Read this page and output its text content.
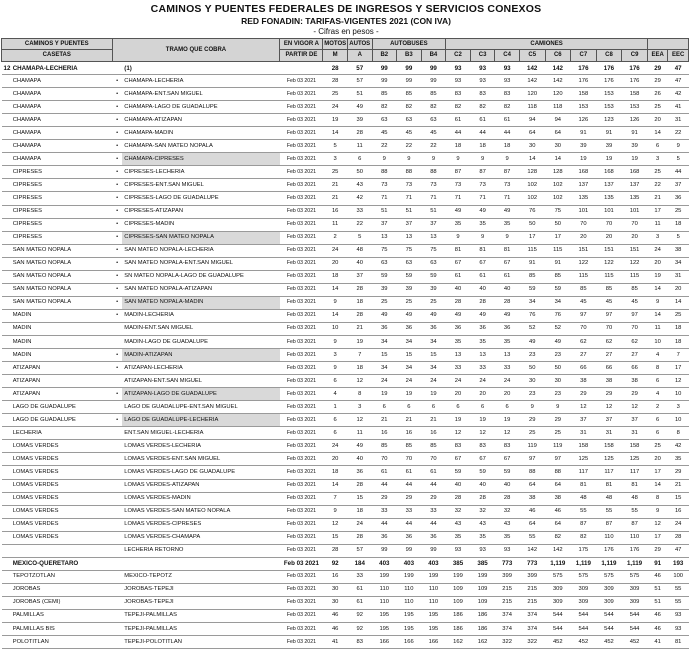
CAMINOS Y PUENTES FEDERALES DE INGRESOS Y SERVICIOS CONEXOS
RED FONADIN: TARIFAS-VIGENTES 2021 (CON IVA)
- Cifras en pesos -
CAMINOS Y PUENTES		TRAMO QUE COBRA		EN VIGOR A	MOTOS	AUTOS	AUTOBUSES			CAMIONES									
CASETAS				PARTIR DE	M	A	B2	B3	B4	C2	C3	C4	C5	C6	C7	C8	C9	EEA	EEC
12	CHAMAPA-LECHERIA		(1)		28	57	99	99	99	93	93	93	142	142	176	176	176	29	47
	CHAMAPA	•	CHAMAPA-LECHERIA	Feb 03 2021	28	57	99	99	99	93	93	93	142	142	176	176	176	29	47
	CHAMAPA	•	CHAMAPA-ENT.SAN MIGUEL	Feb 03 2021	25	51	85	85	85	83	83	83	120	120	158	153	158	26	42
	CHAMAPA	•	CHAMAPA-LAGO DE GUADALUPE	Feb 03 2021	24	49	82	82	82	82	82	82	118	118	153	153	153	25	41
	CHAMAPA	•	CHAMAPA-ATIZAPAN	Feb 03 2021	19	39	63	63	63	61	61	61	94	94	126	123	126	20	31
	CHAMAPA	•	CHAMAPA-MADIN	Feb 03 2021	14	28	45	45	45	44	44	44	64	64	91	91	91	14	22
	CHAMAPA	•	CHAMAPA-SAN MATEO NOPALA	Feb 03 2021	5	11	22	22	22	18	18	18	30	30	39	39	39	6	9
	CHAMAPA	•	CHAMAPA-CIPRESES	Feb 03 2021	3	6	9	9	9	9	9	9	14	14	19	19	19	3	5
	CIPRESES	•	CIPRESES-LECHERIA	Feb 03 2021	25	50	88	88	88	87	87	87	128	128	168	168	168	25	44
	CIPRESES	•	CIPRESES-ENT.SAN MIGUEL	Feb 03 2021	21	43	73	73	73	73	73	73	102	102	137	137	137	22	37
	CIPRESES	•	CIPRESES-LAGO DE GUADALUPE	Feb 03 2021	21	42	71	71	71	71	71	71	102	102	135	135	135	21	36
	CIPRESES	•	CIPRESES-ATIZAPAN	Feb 03 2021	16	33	51	51	51	49	49	49	76	75	101	101	101	17	25
	CIPRESES	•	CIPRESES-MADIN	Feb 03 2021	11	22	37	37	37	35	35	35	50	50	70	70	70	11	18
	CIPRESES	•	CIPRESES-SAN MATEO NOPALA	Feb 03 2021	2	5	13	13	13	9	9	9	17	17	20	20	20	3	5
	SAN MATEO NOPALA	•	SAN MATEO NOPALA-LECHERIA	Feb 03 2021	24	48	75	75	75	81	81	81	115	115	151	151	151	24	38
	SAN MATEO NOPALA	•	SAN MATEO NOPALA-ENT.SAN MIGUEL	Feb 03 2021	20	40	63	63	63	67	67	67	91	91	122	122	122	20	34
	SAN MATEO NOPALA	•	SN MATEO NOPALA-LAGO DE GUADALUPE	Feb 03 2021	18	37	59	59	59	61	61	61	85	85	115	115	115	19	31
	SAN MATEO NOPALA	•	SAN MATEO NOPALA-ATIZAPAN	Feb 03 2021	14	28	39	39	39	40	40	40	59	59	85	85	85	14	20
	SAN MATEO NOPALA	•	SAN MATEO NOPALA-MADIN	Feb 03 2021	9	18	25	25	25	28	28	28	34	34	45	45	45	9	14
	MADIN	•	MADIN-LECHERIA	Feb 03 2021	14	28	49	49	49	49	49	49	76	76	97	97	97	14	25
	MADIN		MADIN-ENT.SAN MIGUEL	Feb 03 2021	10	21	36	36	36	36	36	36	52	52	70	70	70	11	18
	MADIN		MADIN-LAGO DE GUADALUPE	Feb 03 2021	9	19	34	34	34	35	35	35	49	49	62	62	62	10	18
	MADIN	•	MADIN-ATIZAPAN	Feb 03 2021	3	7	15	15	15	13	13	13	23	23	27	27	27	4	7
	ATIZAPAN	•	ATIZAPAN-LECHERIA	Feb 03 2021	9	18	34	34	34	33	33	33	50	50	66	66	66	8	17
	ATIZAPAN		ATIZAPAN-ENT.SAN MIGUEL	Feb 03 2021	6	12	24	24	24	24	24	24	30	30	38	38	38	6	12
	ATIZAPAN	•	ATIZAPAN-LAGO DE GUADALUPE	Feb 03 2021	4	8	19	19	19	20	20	20	23	23	29	29	29	4	10
	LAGO DE GUADALUPE		LAGO DE GUADALUPE-ENT.SAN MIGUEL	Feb 03 2021	1	3	6	6	6	6	6	6	9	9	12	12	12	2	3
	LAGO DE GUADALUPE	•	LAGO DE GUADALUPE-LECHERIA	Feb 03 2021	6	12	21	21	21	19	19	19	29	29	37	37	37	6	10
	LECHERIA		ENT.SAN MIGUEL-LECHERIA	Feb 03 2021	6	11	16	16	16	12	12	12	25	25	31	31	31	6	8
	LOMAS VERDES		LOMAS VERDES-LECHERIA	Feb 03 2021	24	49	85	85	85	83	83	83	119	119	158	158	158	25	42
	LOMAS VERDES		LOMAS VERDES-ENT.SAN MIGUEL	Feb 03 2021	20	40	70	70	70	67	67	67	97	97	125	125	125	20	35
	LOMAS VERDES		LOMAS VERDES-LAGO DE GUADALUPE	Feb 03 2021	18	36	61	61	61	59	59	59	88	88	117	117	117	17	29
	LOMAS VERDES		LOMAS VERDES-ATIZAPAN	Feb 03 2021	14	28	44	44	44	40	40	40	64	64	81	81	81	14	21
	LOMAS VERDES		LOMAS VERDES-MADIN	Feb 03 2021	7	15	29	29	29	28	28	28	38	38	48	48	48	8	15
	LOMAS VERDES		LOMAS VERDES-SAN MATEO NOPALA	Feb 03 2021	9	18	33	33	33	32	32	32	46	46	55	55	55	9	16
	LOMAS VERDES		LOMAS VERDES-CIPRESES	Feb 03 2021	12	24	44	44	44	43	43	43	64	64	87	87	87	12	24
	LOMAS VERDES		LOMAS VERDES-CHAMAPA	Feb 03 2021	15	28	36	36	36	35	35	35	55	82	82	110	110	17	28
			LECHERIA RETORNO	Feb 03 2021	28	57	99	99	99	93	93	93	142	142	175	176	176	29	47
	MEXICO-QUERETARO			Feb 03 2021	92	184	403	403	403	385	385	773	773	1,119	1,119	1,119	1,119	91	193
	TEPOTZOTLAN		MEXICO-TEPOTZ	Feb 03 2021	16	33	199	199	199	199	199	399	399	575	575	575	575	46	100
	JOROBAS		JOROBAS-TEPEJI	Feb 03 2021	30	61	110	110	110	109	109	215	215	309	309	309	309	51	55
	JOROBAS (CEMI)		JOROBAS-TEPEJI	Feb 03 2021	30	61	110	110	110	109	109	215	215	309	309	309	309	51	55
	PALMILLAS		TEPEJI-PALMILLAS	Feb 03 2021	46	92	195	195	195	186	186	374	374	544	544	544	544	46	93
	PALMILLAS BIS		TEPEJI-PALMILLAS	Feb 03 2021	46	92	195	195	195	186	186	374	374	544	544	544	544	46	93
	POLOTITLAN		TEPEJI-POLOTITLAN	Feb 03 2021	41	83	166	166	166	162	162	322	322	452	452	452	452	41	81
